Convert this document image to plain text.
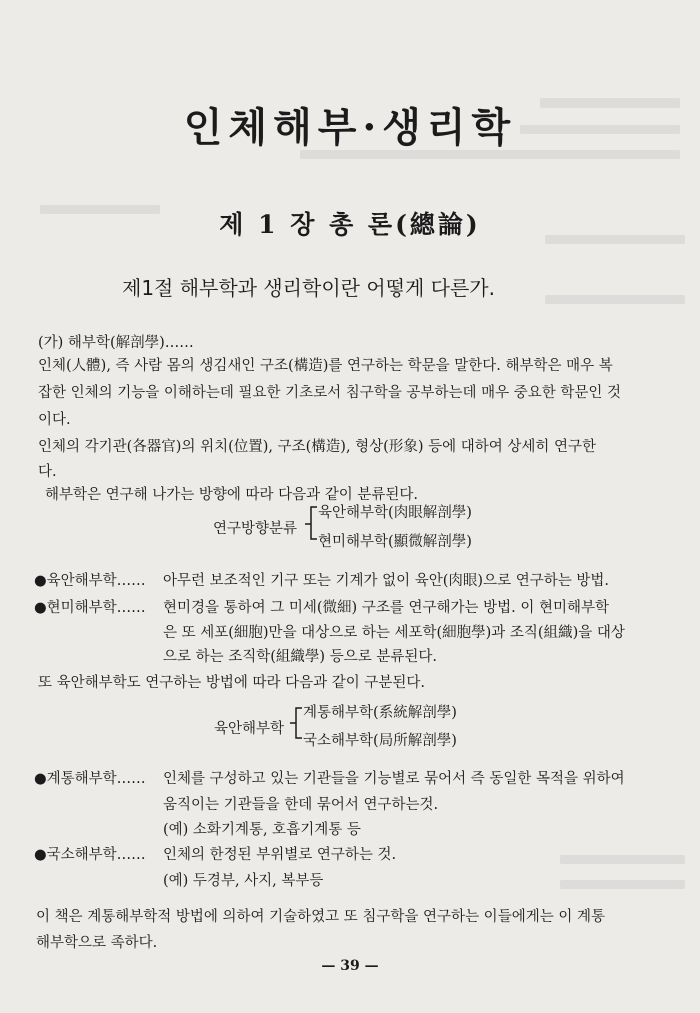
인체해부·생리학
제 1 장 총 론(總論)
제1절 해부학과 생리학이란 어떻게 다른가.
(가) 해부학(解剖學)……
인체(人體), 즉 사람 몸의 생김새인 구조(構造)를 연구하는 학문을 말한다. 해부학은 매우 복
잡한 인체의 기능을 이해하는데 필요한 기초로서 침구학을 공부하는데 매우 중요한 학문인 것
이다.
인체의 각기관(各器官)의 위치(位置), 구조(構造), 형상(形象) 등에 대하여 상세히 연구한
다.
해부학은 연구해 나가는 방향에 따라 다음과 같이 분류된다.
연구방향분류
육안해부학(肉眼解剖學)
현미해부학(顯微解剖學)
●육안해부학…… 아무런 보조적인 기구 또는 기계가 없이 육안(肉眼)으로 연구하는 방법.
●현미해부학…… 현미경을 통하여 그 미세(微細) 구조를 연구해가는 방법. 이 현미해부학
은 또 세포(細胞)만을 대상으로 하는 세포학(細胞學)과 조직(組織)을 대상
으로 하는 조직학(組織學) 등으로 분류된다.
또 육안해부학도 연구하는 방법에 따라 다음과 같이 구분된다.
육안해부학
계통해부학(系統解剖學)
국소해부학(局所解剖學)
●계통해부학…… 인체를 구성하고 있는 기관들을 기능별로 묶어서 즉 동일한 목적을 위하여
움직이는 기관들을 한데 묶어서 연구하는것.
(예) 소화기계통, 호흡기계통 등
●국소해부학…… 인체의 한정된 부위별로 연구하는 것.
(예) 두경부, 사지, 복부등
이 책은 계통해부학적 방법에 의하여 기술하였고 또 침구학을 연구하는 이들에게는 이 계통
해부학으로 족하다.
— 39 —
